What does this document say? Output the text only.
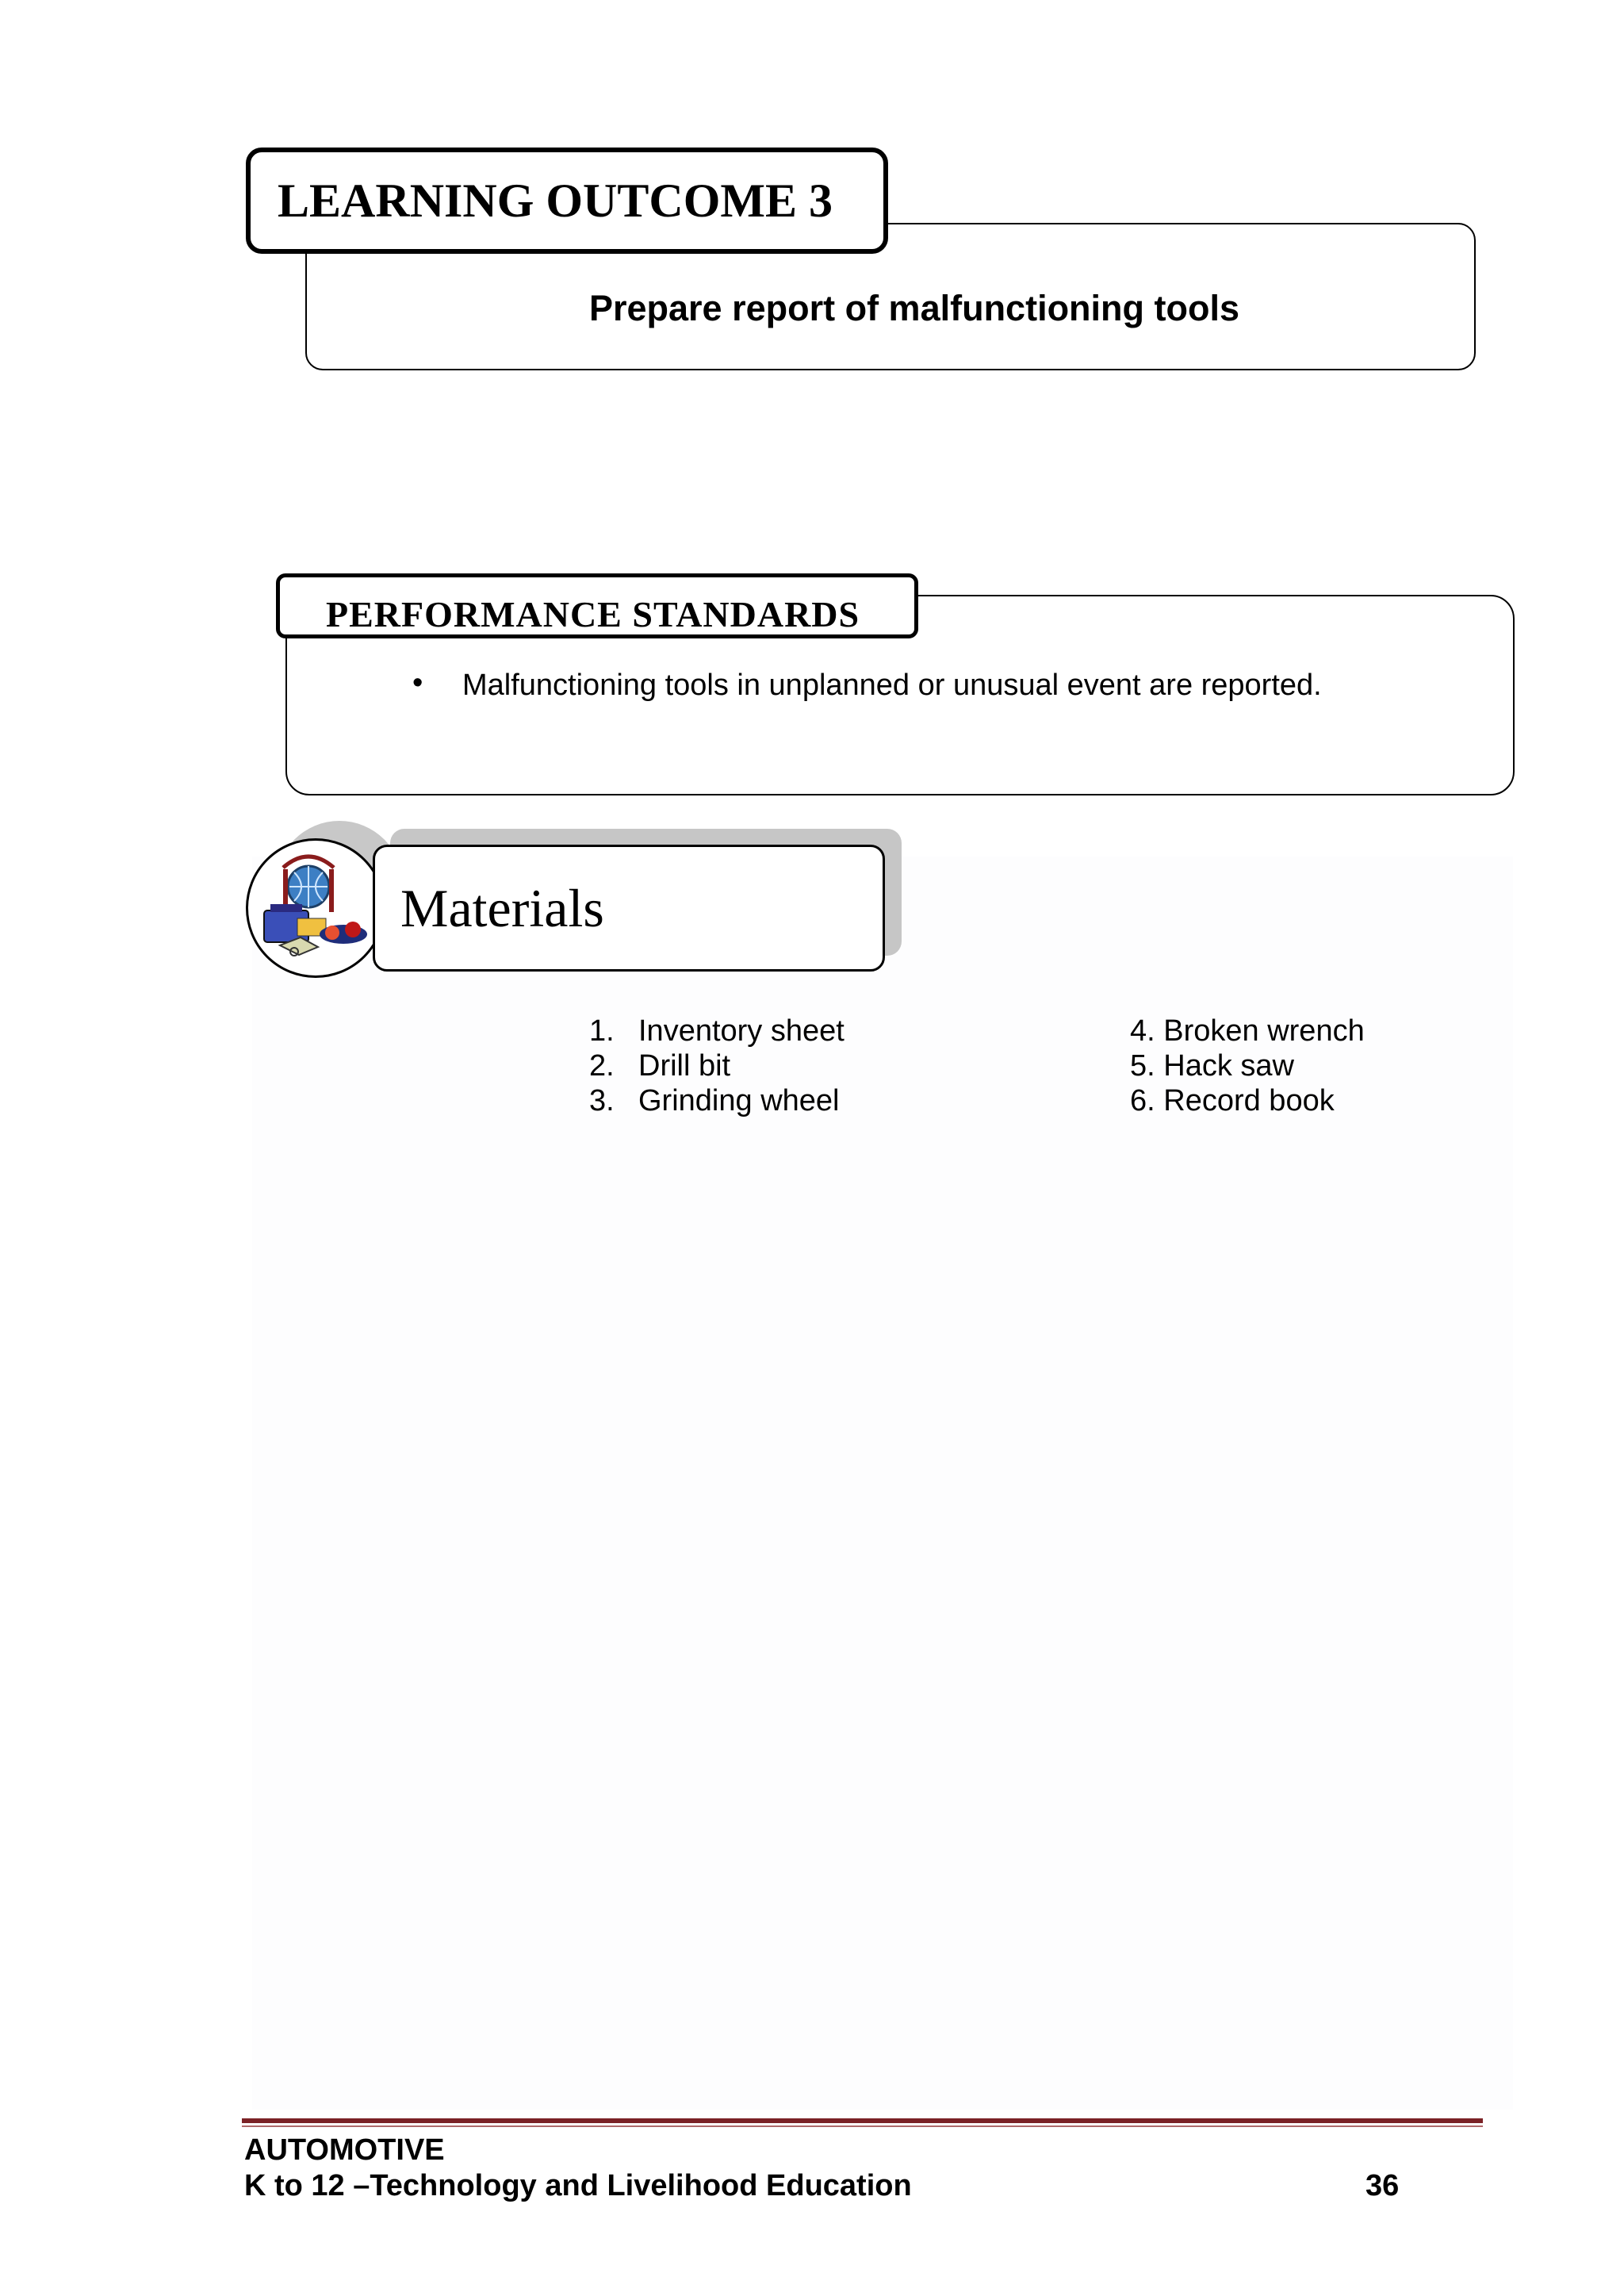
Prepare report of malfunctioning tools
LEARNING OUTCOME 3
PERFORMANCE STANDARDS
• Malfunctioning tools in unplanned or unusual event are reported.
Materials
1. Inventory sheet
2. Drill bit
3. Grinding wheel
4. Broken wrench
5. Hack saw
6. Record book
AUTOMOTIVE
K to 12 –Technology and Livelihood Education	36
